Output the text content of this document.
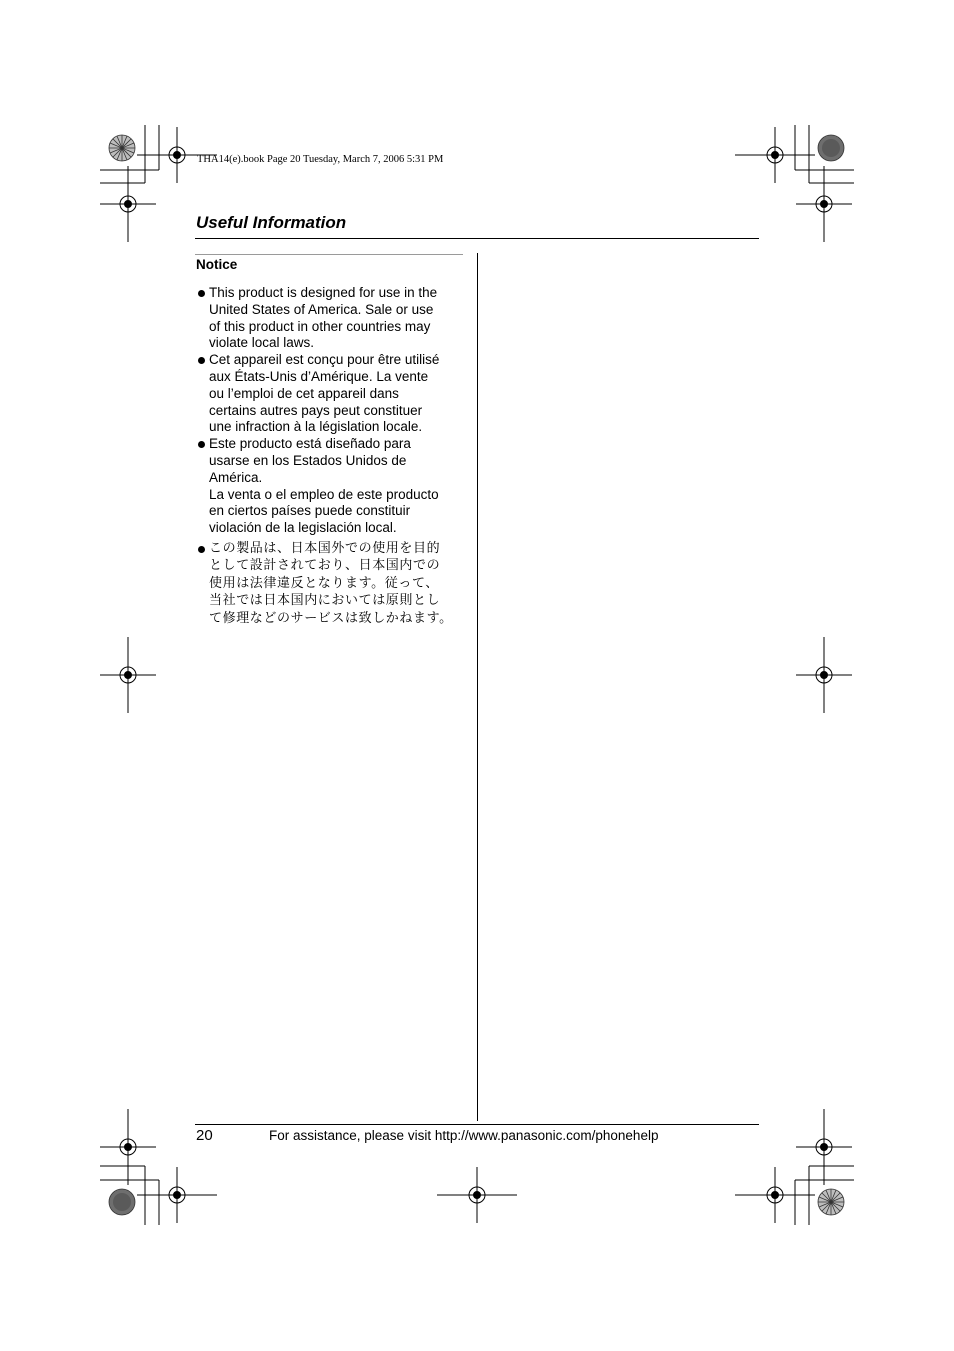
THA14(e).book Page 20 Tuesday, March 7, 2006 5:31 PM
Useful Information
Notice

This product is designed for use in the
United States of America. Sale or use
of this product in other countries may
violate local laws.

Cet appareil est conçu pour être utilisé
aux États-Unis d’Amérique. La vente
ou l’emploi de cet appareil dans
certains autres pays peut constituer
une infraction à la législation locale.

Este producto está diseñado para
usarse en los Estados Unidos de
América.
La venta o el empleo de este producto
en ciertos países puede constituir
violación de la legislación local.

この製品は、日本国外での使用を目的
として設計されており、日本国内での
使用は法律違反となります。従って、
当社では日本国内においては原則とし
て修理などのサービスは致しかねます。

20	For assistance, please visit http://www.panasonic.com/phonehelp
